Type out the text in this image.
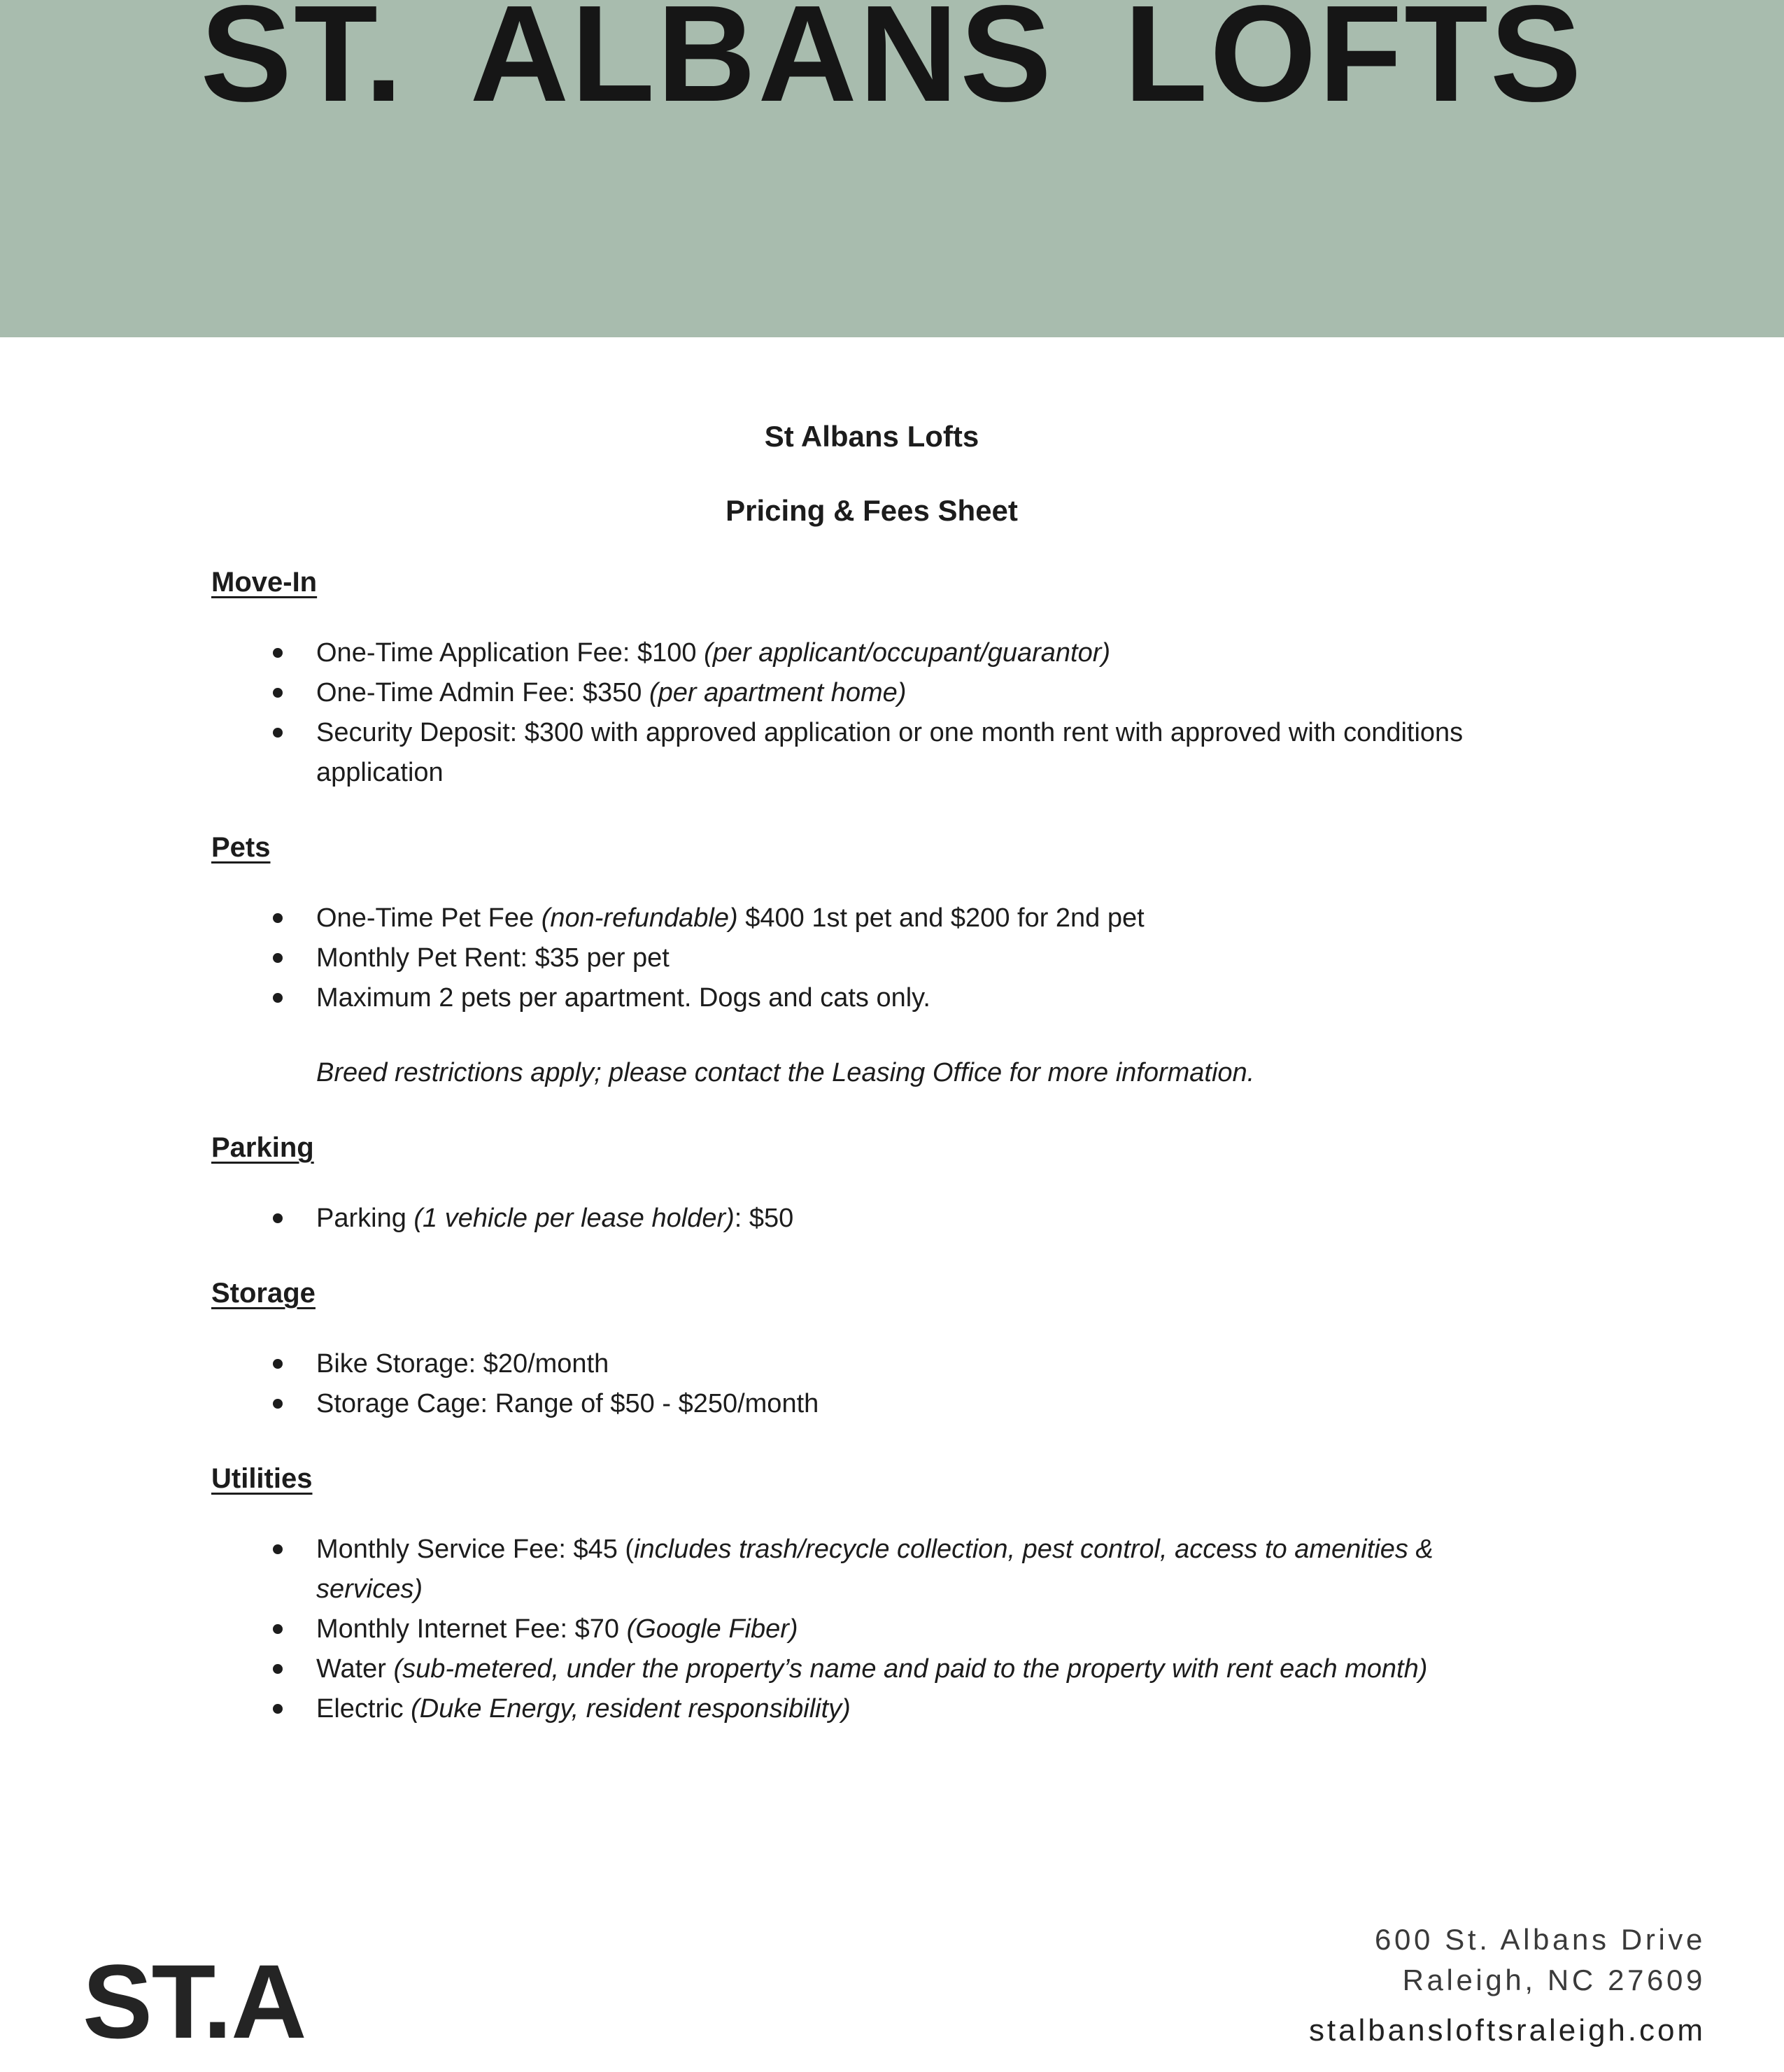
ST. ALBANS LOFTS
St Albans Lofts
Pricing & Fees Sheet
Move-In
One-Time Application Fee: $100 (per applicant/occupant/guarantor)
One-Time Admin Fee: $350 (per apartment home)
Security Deposit: $300 with approved application or one month rent with approved with conditions application
Pets
One-Time Pet Fee (non-refundable) $400 1st pet and $200 for 2nd pet
Monthly Pet Rent: $35 per pet
Maximum 2 pets per apartment. Dogs and cats only.

Breed restrictions apply; please contact the Leasing Office for more information.

Parking
Parking (1 vehicle per lease holder): $50
Storage
Bike Storage: $20/month
Storage Cage: Range of $50 - $250/month
Utilities
Monthly Service Fee: $45 (includes trash/recycle collection, pest control, access to amenities & services)
Monthly Internet Fee: $70 (Google Fiber)
Water (sub-metered, under the property’s name and paid to the property with rent each month)
Electric (Duke Energy, resident responsibility)
ST.A
600 St. Albans Drive
Raleigh, NC 27609
stalbansloftsraleigh.com
